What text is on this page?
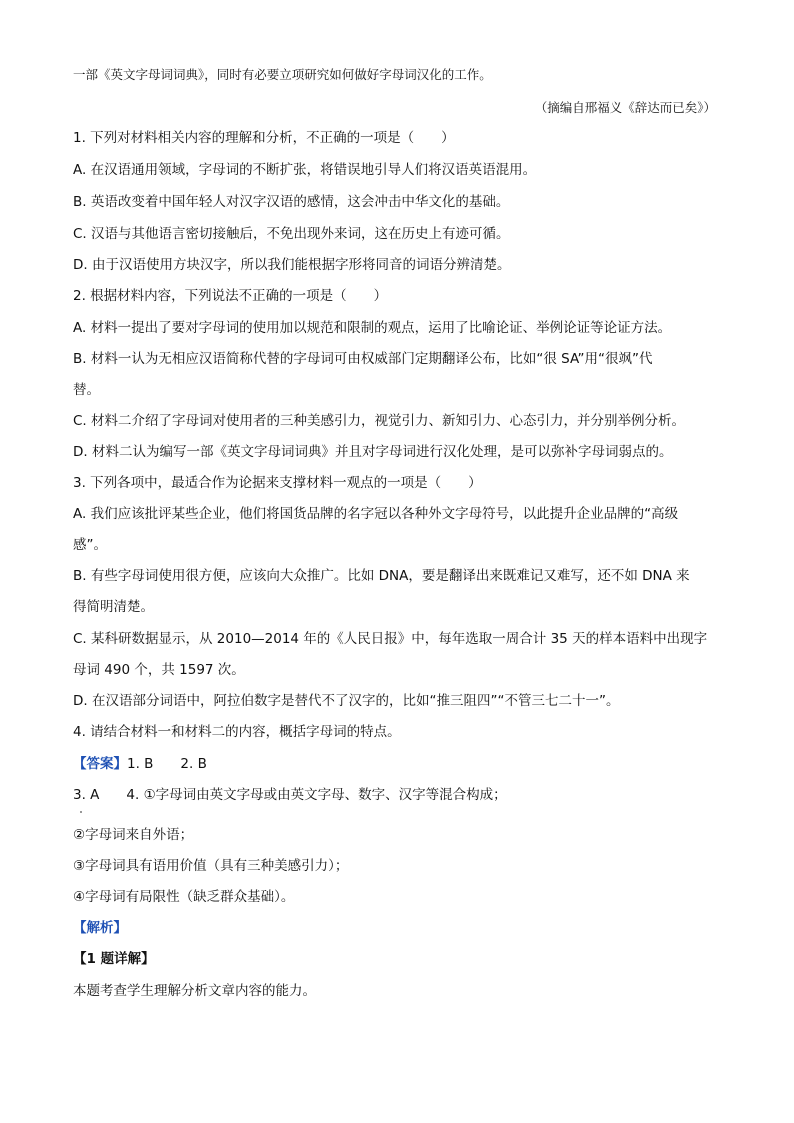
一部《英文字母词词典》，同时有必要立项研究如何做好字母词汉化的工作。
（摘编自邢福义《辞达而已矣》）
1. 下列对材料相关内容的理解和分析，不正确的一项是（　　）
A. 在汉语通用领域，字母词的不断扩张，将错误地引导人们将汉语英语混用。
B. 英语改变着中国年轻人对汉字汉语的感情，这会冲击中华文化的基础。
C. 汉语与其他语言密切接触后，不免出现外来词，这在历史上有迹可循。
D. 由于汉语使用方块汉字，所以我们能根据字形将同音的词语分辨清楚。
2. 根据材料内容，下列说法不正确的一项是（　　）
A. 材料一提出了要对字母词的使用加以规范和限制的观点，运用了比喻论证、举例论证等论证方法。
B. 材料一认为无相应汉语简称代替的字母词可由权威部门定期翻译公布，比如“很 SA”用“很飒”代
替。
C. 材料二介绍了字母词对使用者的三种美感引力，视觉引力、新知引力、心态引力，并分别举例分析。
D. 材料二认为编写一部《英文字母词词典》并且对字母词进行汉化处理，是可以弥补字母词弱点的。
3. 下列各项中，最适合作为论据来支撑材料一观点的一项是（　　）
A. 我们应该批评某些企业，他们将国货品牌的名字冠以各种外文字母符号，以此提升企业品牌的“高级
感”。
B. 有些字母词使用很方便，应该向大众推广。比如 DNA，要是翻译出来既难记又难写，还不如 DNA 来
得简明清楚。
C. 某科研数据显示，从 2010—2014 年的《人民日报》中，每年选取一周合计 35 天的样本语料中出现字
母词 490 个，共 1597 次。
D. 在汉语部分词语中，阿拉伯数字是替代不了汉字的，比如“推三阻四”“不管三七二十一”。
4. 请结合材料一和材料二的内容，概括字母词的特点。
【答案】1. B　　2. B
3. A　　4. ①字母词由英文字母或由英文字母、数字、汉字等混合构成；
②字母词来自外语；
③字母词具有语用价值（具有三种美感引力）；
④字母词有局限性（缺乏群众基础）。
【解析】
【1 题详解】
本题考查学生理解分析文章内容的能力。
